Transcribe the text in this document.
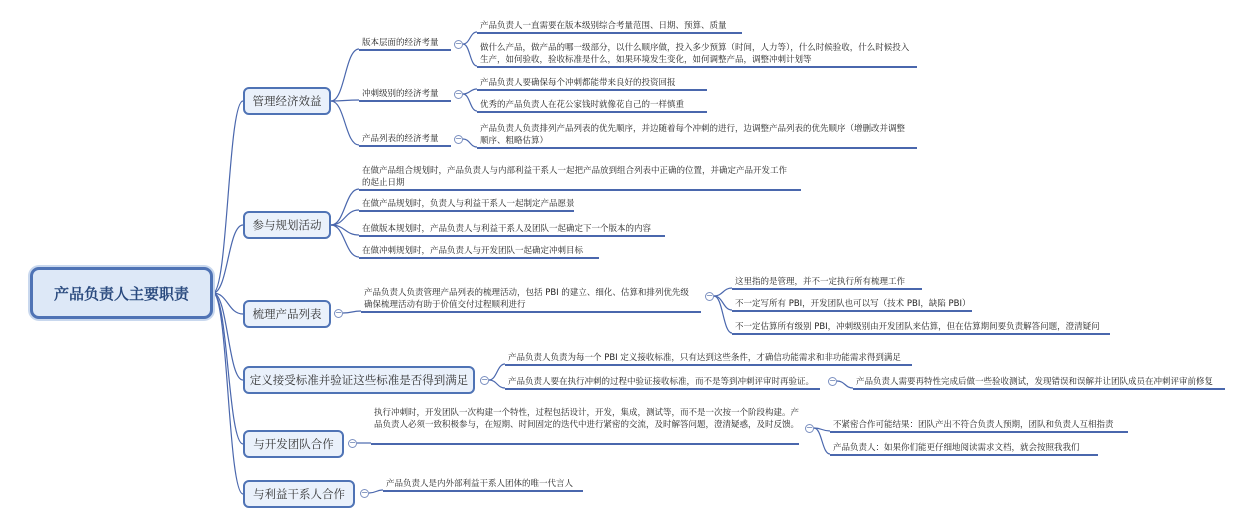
产品负责人主要职责
管理经济效益
参与规划活动
梳理产品列表
定义接受标准并验证这些标准是否得到满足
与开发团队合作
与利益干系人合作
−
−
−
−
版本层面的经济考量 −
冲刺级别的经济考量 −
产品列表的经济考量 −
产品负责人一直需要在版本级别综合考量范围、日期、预算、质量
做什么产品，做产品的哪一级部分，以什么顺序做，投入多少预算（时间，人力等），什么时候验收，什么时候投入生产，如何验收，验收标准是什么，如果环境发生变化，如何调整产品，调整冲刺计划等
产品负责人要确保每个冲刺都能带来良好的投资回报
优秀的产品负责人在花公家钱时就像花自己的一样慎重
产品负责人负责排列产品列表的优先顺序，并边随着每个冲刺的进行，边调整产品列表的优先顺序（增删改并调整顺序、粗略估算）
在做产品组合规划时，产品负责人与内部利益干系人一起把产品放到组合列表中正确的位置，并确定产品开发工作的起止日期
在做产品规划时，负责人与利益干系人一起制定产品愿景
在做版本规划时，产品负责人与利益干系人及团队一起确定下一个版本的内容
在做冲刺规划时，产品负责人与开发团队一起确定冲刺目标
产品负责人负责管理产品列表的梳理活动，包括 PBI 的建立、细化、估算和排列优先级确保梳理活动有助于价值交付过程顺利进行
−
这里指的是管理，并不一定执行所有梳理工作
不一定写所有 PBI，开发团队也可以写（技术 PBI，缺陷 PBI）
不一定估算所有级别 PBI，冲刺级别由开发团队来估算，但在估算期间要负责解答问题，澄清疑问
产品负责人负责为每一个 PBI 定义接收标准，只有达到这些条件，才确信功能需求和非功能需求得到满足
产品负责人要在执行冲刺的过程中验证接收标准，而不是等到冲刺评审时再验证。 − 产品负责人需要再特性完成后做一些验收测试，发现错误和误解并让团队成员在冲刺评审前修复
执行冲刺时，开发团队一次构建一个特性，过程包括设计，开发，集成，测试等，而不是一次按一个阶段构建。产品负责人必须一致积极参与，在短期、时间固定的迭代中进行紧密的交流，及时解答问题，澄清疑惑，及时反馈。 − 不紧密合作可能结果：团队产出不符合负责人预期，团队和负责人互相指责
产品负责人：如果你们能更仔细地阅读需求文档，就会按照我我们
产品负责人是内外部利益干系人团体的唯一代言人
